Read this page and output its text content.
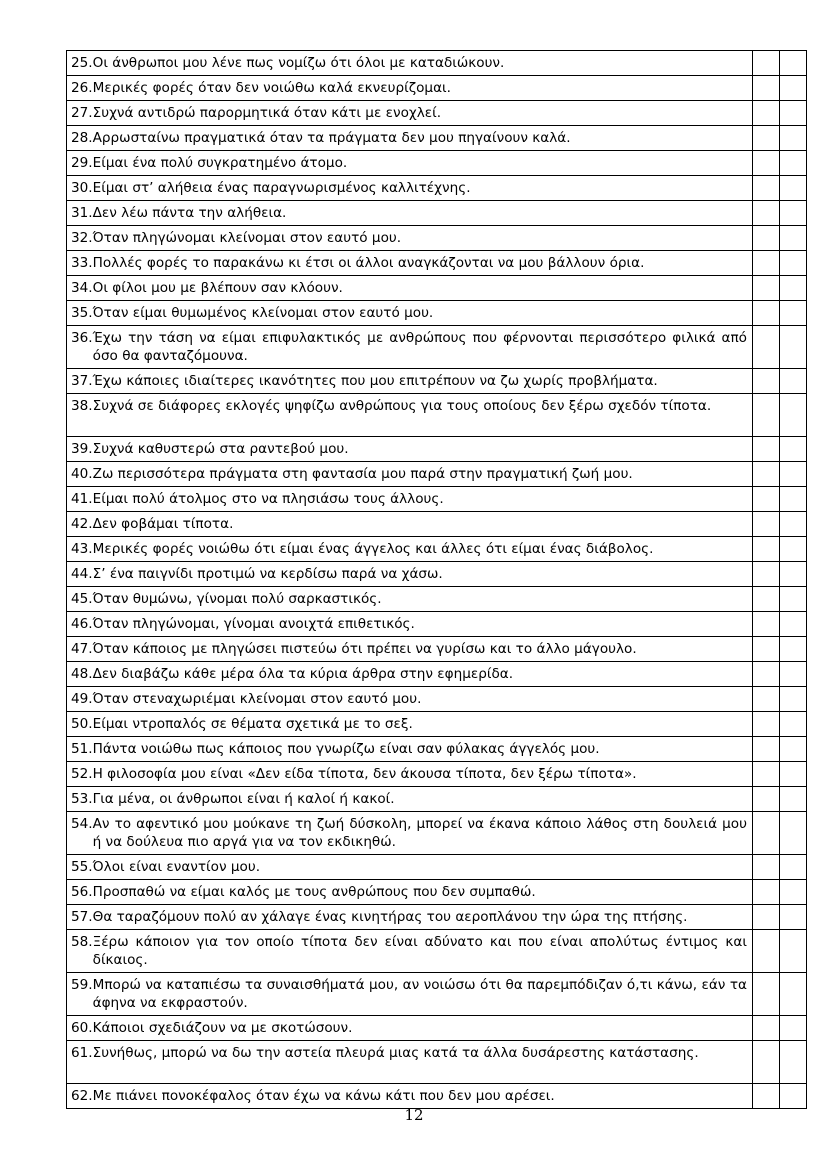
25. Οι άνθρωποι μου λένε πως νομίζω ότι όλοι με καταδιώκουν.		

26. Μερικές φορές όταν δεν νοιώθω καλά εκνευρίζομαι.		

27. Συχνά αντιδρώ παρορμητικά όταν κάτι με ενοχλεί.		

28. Αρρωσταίνω πραγματικά όταν τα πράγματα δεν μου πηγαίνουν καλά.		

29. Είμαι ένα πολύ συγκρατημένο άτομο.		

30. Είμαι στ’ αλήθεια ένας παραγνωρισμένος καλλιτέχνης.		

31. Δεν λέω πάντα την αλήθεια.		

32. Όταν πληγώνομαι κλείνομαι στον εαυτό μου.		

33. Πολλές φορές το παρακάνω κι έτσι οι άλλοι αναγκάζονται να μου βάλλουν όρια.		

34. Οι φίλοι μου με βλέπουν σαν κλόουν.		

35. Όταν είμαι θυμωμένος κλείνομαι στον εαυτό μου.		

36. Έχω την τάση να είμαι επιφυλακτικός με ανθρώπους που φέρνονται περισσότερο φιλικά από όσο θα φανταζόμουνα.		

37. Έχω κάποιες ιδιαίτερες ικανότητες που μου επιτρέπουν να ζω χωρίς προβλήματα.		

38. Συχνά σε διάφορες εκλογές ψηφίζω ανθρώπους για τους οποίους δεν ξέρω σχεδόν τίποτα.		

39. Συχνά καθυστερώ στα ραντεβού μου.		

40. Ζω περισσότερα πράγματα στη φαντασία μου παρά στην πραγματική ζωή μου.		

41. Είμαι πολύ άτολμος στο να πλησιάσω τους άλλους.		

42. Δεν φοβάμαι τίποτα.		

43. Μερικές φορές νοιώθω ότι είμαι ένας άγγελος και άλλες ότι είμαι ένας διάβολος.		

44. Σ’ ένα παιγνίδι προτιμώ να κερδίσω παρά να χάσω.		

45. Όταν θυμώνω, γίνομαι πολύ σαρκαστικός.		

46. Όταν πληγώνομαι, γίνομαι ανοιχτά επιθετικός.		

47. Όταν κάποιος με πληγώσει πιστεύω ότι πρέπει να γυρίσω και το άλλο μάγουλο.		

48. Δεν διαβάζω κάθε μέρα όλα τα κύρια άρθρα στην εφημερίδα.		

49. Όταν στεναχωριέμαι κλείνομαι στον εαυτό μου.		

50. Είμαι ντροπαλός σε θέματα σχετικά με το σεξ.		

51. Πάντα νοιώθω πως κάποιος που γνωρίζω είναι σαν φύλακας άγγελός μου.		

52. Η φιλοσοφία μου είναι «Δεν είδα τίποτα, δεν άκουσα τίποτα, δεν ξέρω τίποτα».		

53. Για μένα, οι άνθρωποι είναι ή καλοί ή κακοί.		

54. Αν το αφεντικό μου μούκανε τη ζωή δύσκολη, μπορεί να έκανα κάποιο λάθος στη δουλειά μου ή να δούλευα πιο αργά για να τον εκδικηθώ.		

55. Όλοι είναι εναντίον μου.		

56. Προσπαθώ να είμαι καλός με τους ανθρώπους που δεν συμπαθώ.		

57. Θα ταραζόμουν πολύ αν χάλαγε ένας κινητήρας του αεροπλάνου την ώρα της πτήσης.		

58. Ξέρω κάποιον για τον οποίο τίποτα δεν είναι αδύνατο και που είναι απολύτως έντιμος και δίκαιος.		

59. Μπορώ να καταπιέσω τα συναισθήματά μου, αν νοιώσω ότι θα παρεμπόδιζαν ό,τι κάνω, εάν τα άφηνα να εκφραστούν.		

60. Κάποιοι σχεδιάζουν να με σκοτώσουν.		

61. Συνήθως, μπορώ να δω την αστεία πλευρά μιας κατά τα άλλα δυσάρεστης κατάστασης.		

62. Με πιάνει πονοκέφαλος όταν έχω να κάνω κάτι που δεν μου αρέσει.		

12
